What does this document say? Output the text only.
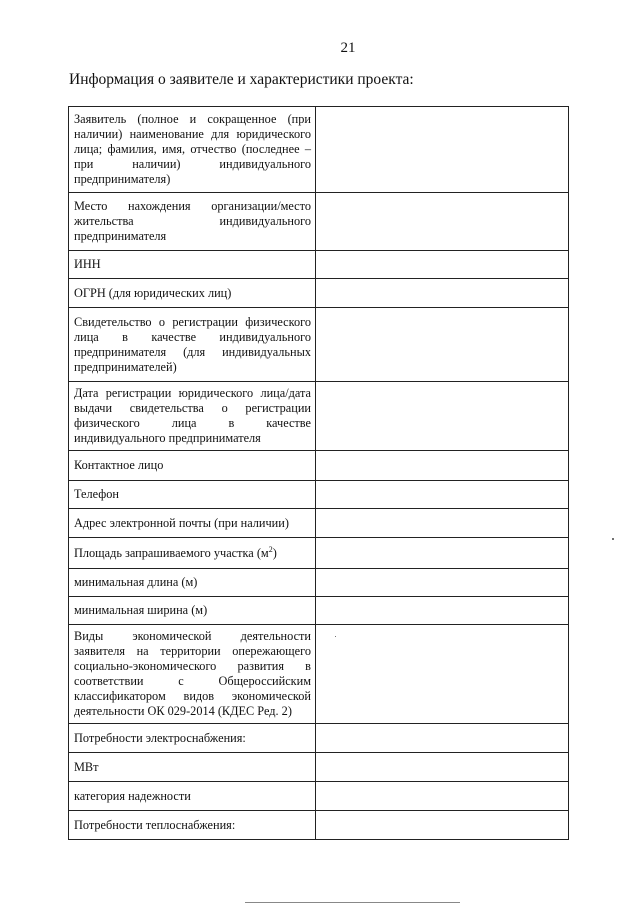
21
Информация о заявителе и характеристики проекта:
Заявитель (полное и сокращенное (при наличии) наименование для юридического лица; фамилия, имя, отчество (последнее – при наличии) индивидуального предпринимателя)	
Место нахождения организации/место жительства индивидуального предпринимателя	
ИНН	
ОГРН (для юридических лиц)	
Свидетельство о регистрации физического лица в качестве индивидуального предпринимателя (для индивидуальных предпринимателей)	
Дата регистрации юридического лица/дата выдачи свидетельства о регистрации физического лица в качестве индивидуального предпринимателя	
Контактное лицо	
Телефон	
Адрес электронной почты (при наличии)	
Площадь запрашиваемого участка $(м^2)$	
минимальная длина (м)	
минимальная ширина (м)	
Виды экономической деятельности заявителя на территории опережающего социально-экономического развития в соответствии с Общероссийским классификатором видов экономической деятельности ОК 029-2014 (КДЕС Ред. 2)	
Потребности электроснабжения:	
МВт	
категория надежности	
Потребности теплоснабжения:	
